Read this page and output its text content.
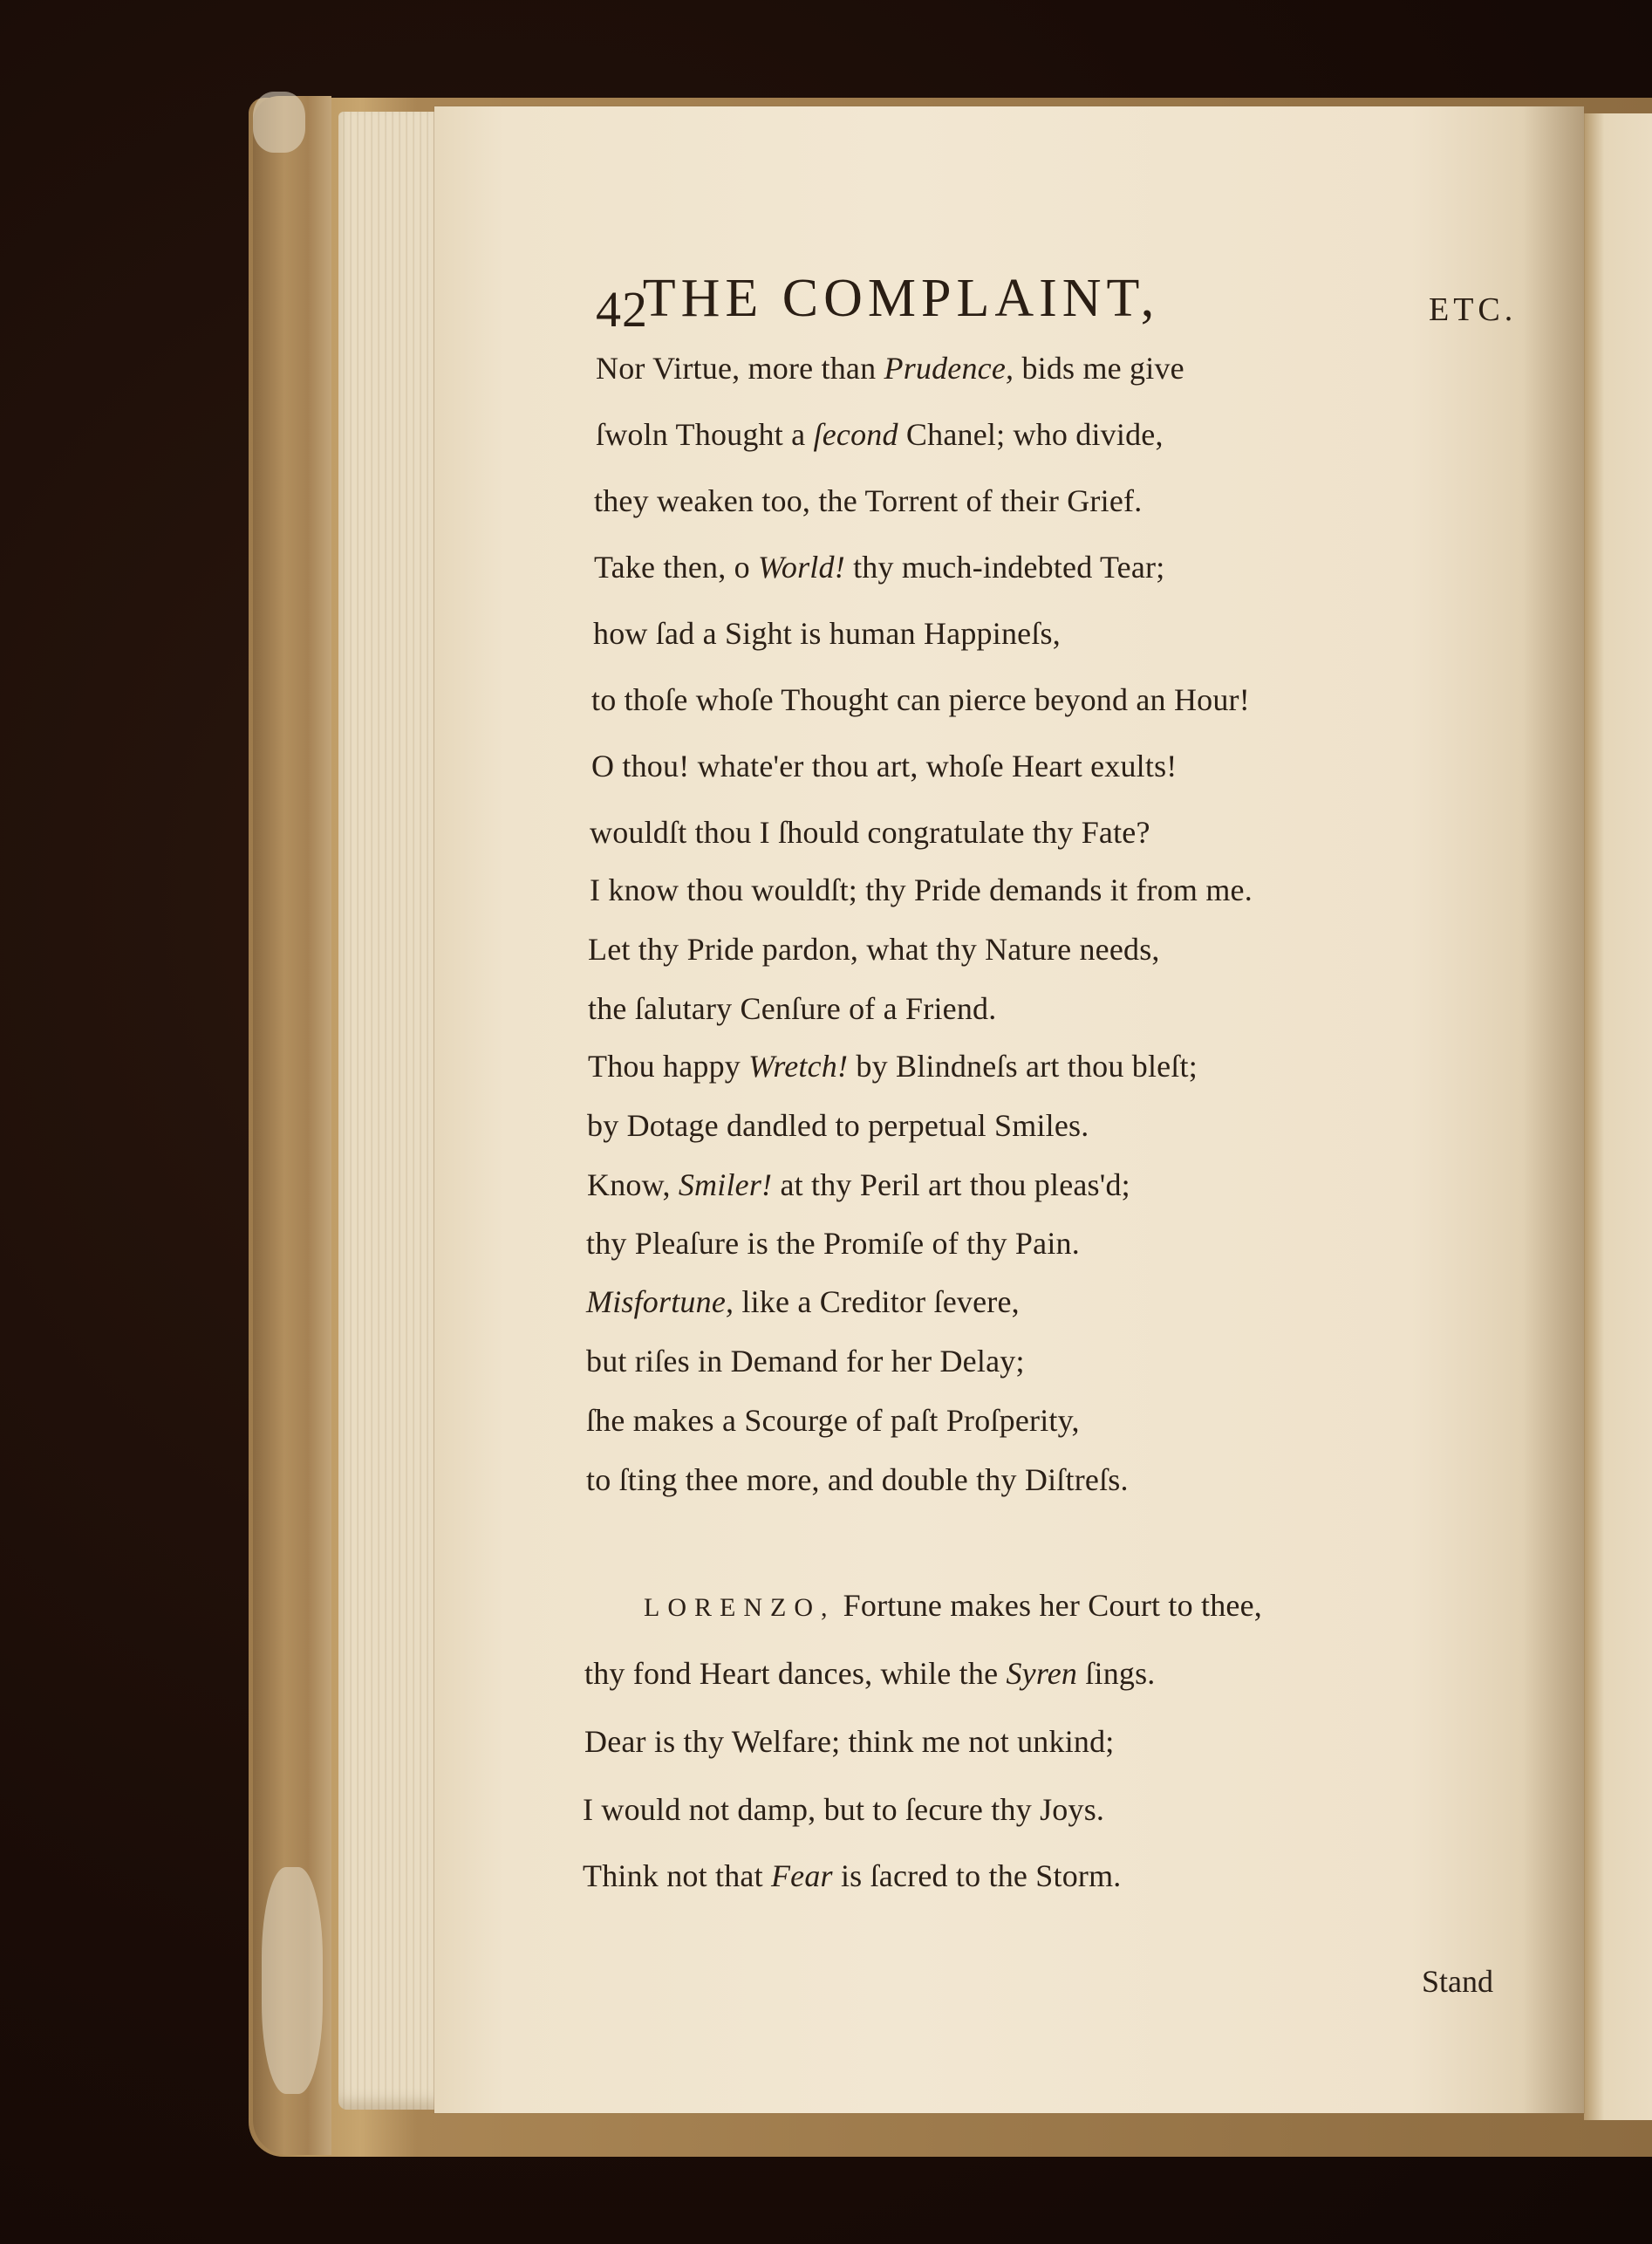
42
THE COMPLAINT,	ETC.
Nor Virtue, more than Prudence, bids me give
ſwoln Thought a ſecond Chanel; who divide,
they weaken too, the Torrent of their Grief.
Take then, o World! thy much-indebted Tear;
how ſad a Sight is human Happineſs,
to thoſe whoſe Thought can pierce beyond an Hour!
O thou! whate'er thou art, whoſe Heart exults!
wouldſt thou I ſhould congratulate thy Fate?
I know thou wouldſt; thy Pride demands it from me.
Let thy Pride pardon, what thy Nature needs,
the ſalutary Cenſure of a Friend.
Thou happy Wretch! by Blindneſs art thou bleſt;
by Dotage dandled to perpetual Smiles.
Know, Smiler! at thy Peril art thou pleas'd;
thy Pleaſure is the Promiſe of thy Pain.
Misfortune, like a Creditor ſevere,
but riſes in Demand for her Delay;
ſhe makes a Scourge of paſt Proſperity,
to ſting thee more, and double thy Diſtreſs.
LORENZO, Fortune makes her Court to thee,
thy fond Heart dances, while the Syren ſings.
Dear is thy Welfare; think me not unkind;
I would not damp, but to ſecure thy Joys.
Think not that Fear is ſacred to the Storm.
Stand
